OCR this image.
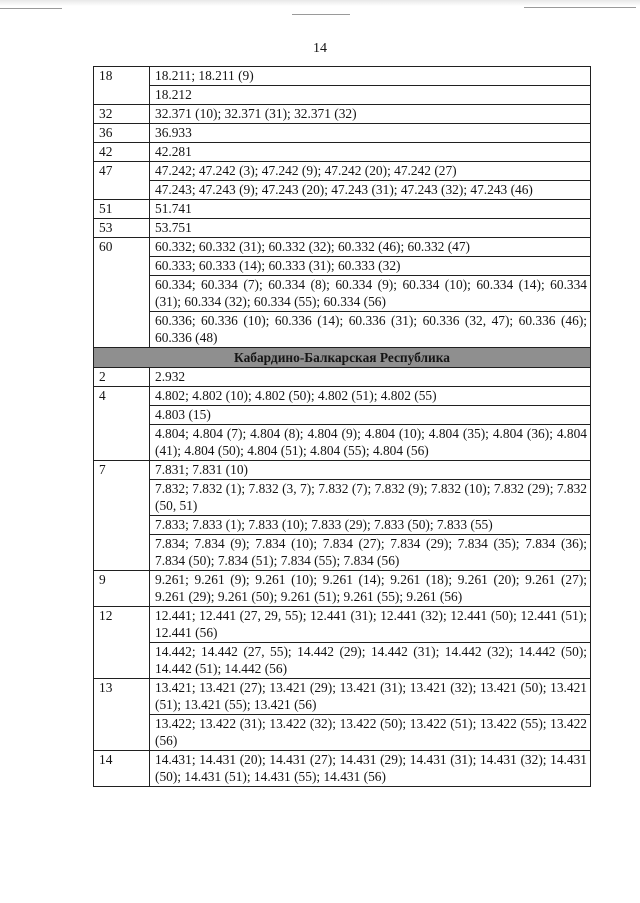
14
18	18.211; 18.211 (9)
	18.212
32	32.371 (10); 32.371 (31); 32.371 (32)
36	36.933
42	42.281
47	47.242; 47.242 (3); 47.242 (9); 47.242 (20); 47.242 (27)
	47.243; 47.243 (9); 47.243 (20); 47.243 (31); 47.243 (32); 47.243 (46)
51	51.741
53	53.751
60	60.332; 60.332 (31); 60.332 (32); 60.332 (46); 60.332 (47)
	60.333; 60.333 (14); 60.333 (31); 60.333 (32)
	60.334; 60.334 (7); 60.334 (8); 60.334 (9); 60.334 (10); 60.334 (14); 60.334 (31); 60.334 (32); 60.334 (55); 60.334 (56)
	60.336; 60.336 (10); 60.336 (14); 60.336 (31); 60.336 (32, 47); 60.336 (46); 60.336 (48)
Кабардино-Балкарская Республика	
2	2.932
4	4.802; 4.802 (10); 4.802 (50); 4.802 (51); 4.802 (55)
	4.803 (15)
	4.804; 4.804 (7); 4.804 (8); 4.804 (9); 4.804 (10); 4.804 (35); 4.804 (36); 4.804 (41); 4.804 (50); 4.804 (51); 4.804 (55); 4.804 (56)
7	7.831; 7.831 (10)
	7.832; 7.832 (1); 7.832 (3, 7); 7.832 (7); 7.832 (9); 7.832 (10); 7.832 (29); 7.832 (50, 51)
	7.833; 7.833 (1); 7.833 (10); 7.833 (29); 7.833 (50); 7.833 (55)
	7.834; 7.834 (9); 7.834 (10); 7.834 (27); 7.834 (29); 7.834 (35); 7.834 (36); 7.834 (50); 7.834 (51); 7.834 (55); 7.834 (56)
9	9.261; 9.261 (9); 9.261 (10); 9.261 (14); 9.261 (18); 9.261 (20); 9.261 (27); 9.261 (29); 9.261 (50); 9.261 (51); 9.261 (55); 9.261 (56)
12	12.441; 12.441 (27, 29, 55); 12.441 (31); 12.441 (32); 12.441 (50); 12.441 (51); 12.441 (56)
	14.442; 14.442 (27, 55); 14.442 (29); 14.442 (31); 14.442 (32); 14.442 (50); 14.442 (51); 14.442 (56)
13	13.421; 13.421 (27); 13.421 (29); 13.421 (31); 13.421 (32); 13.421 (50); 13.421 (51); 13.421 (55); 13.421 (56)
	13.422; 13.422 (31); 13.422 (32); 13.422 (50); 13.422 (51); 13.422 (55); 13.422 (56)
14	14.431; 14.431 (20); 14.431 (27); 14.431 (29); 14.431 (31); 14.431 (32); 14.431 (50); 14.431 (51); 14.431 (55); 14.431 (56)
